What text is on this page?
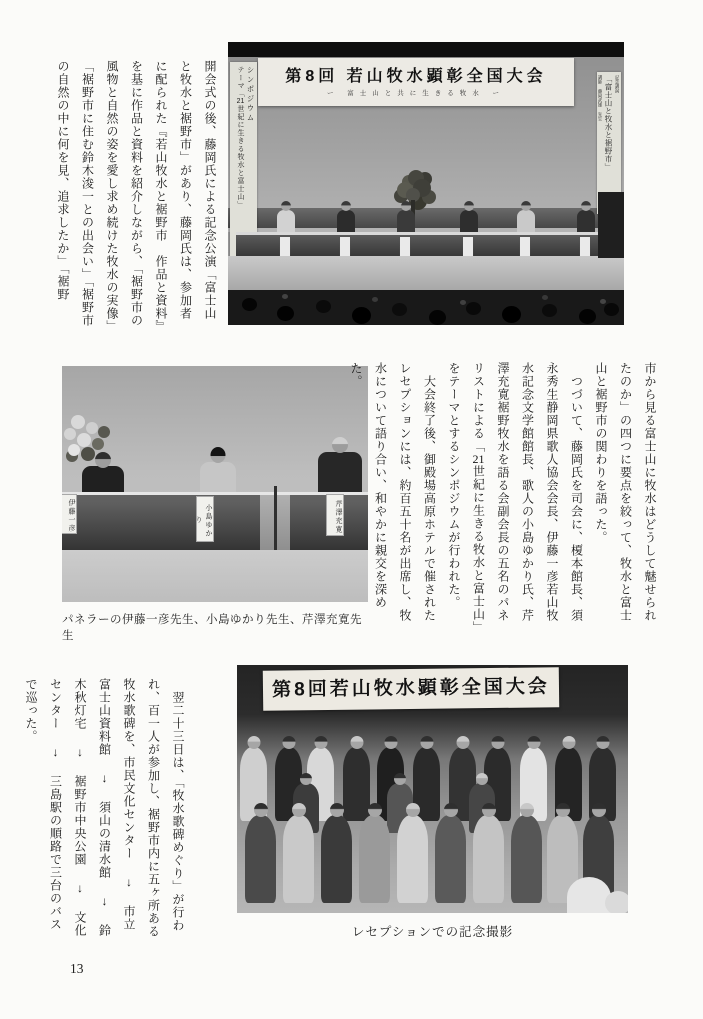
開会式の後、藤岡氏による記念公演「富士山と牧水と裾野市」があり、藤岡氏は、参加者に配られた『若山牧水と裾野市　作品と資料』を基に作品と資料を紹介しながら、「裾野市の風物と自然の姿を愛し求め続けた牧水の実像」「裾野市に住む鈴木浚一との出会い」「裾野市の自然の中に何を見、追求したか」「裾野	第8回 若山牧水顕彰全国大会
ー 富士山と共に生きる牧水 ー
シンポジウム
テーマ「21世紀に生きる牧水と富士山」
記念講演
「富士山と牧水と裾野市」
講師 藤岡武雄 先生
伊藤一彦	小島ゆかり	芹澤充寛
パネラーの伊藤一彦先生、小島ゆかり先生、芹澤充寛先生

市から見る富士山に牧水はどうして魅せられたのか」の四つに要点を絞って、牧水と富士山と裾野市の関わりを語った。

つづいて、藤岡氏を司会に、榎本館長、須永秀生静岡県歌人協会会長、伊藤一彦若山牧水記念文学館館長、歌人の小島ゆかり氏、芹澤充寛裾野牧水を語る会副会長の五名のパネリストによる「21世紀に生きる牧水と富士山」をテーマとするシンポジウムが行われた。

大会終了後、御殿場高原ホテルで催されたレセプションには、約百五十名が出席し、牧水について語り合い、和やかに親交を深めた。

翌二十三日は、「牧水歌碑めぐり」が行われ、百一人が参加し、裾野市内に五ヶ所ある牧水歌碑を、市民文化センター ↓ 市立富士山資料館 ↓ 須山の清水館 ↓ 鈴木秋灯宅 ↓ 裾野市中央公園 ↓ 文化センター ↓ 三島駅の順路で三台のバスで巡った。	第8回若山牧水顕彰全国大会
レセプションでの記念撮影
13
